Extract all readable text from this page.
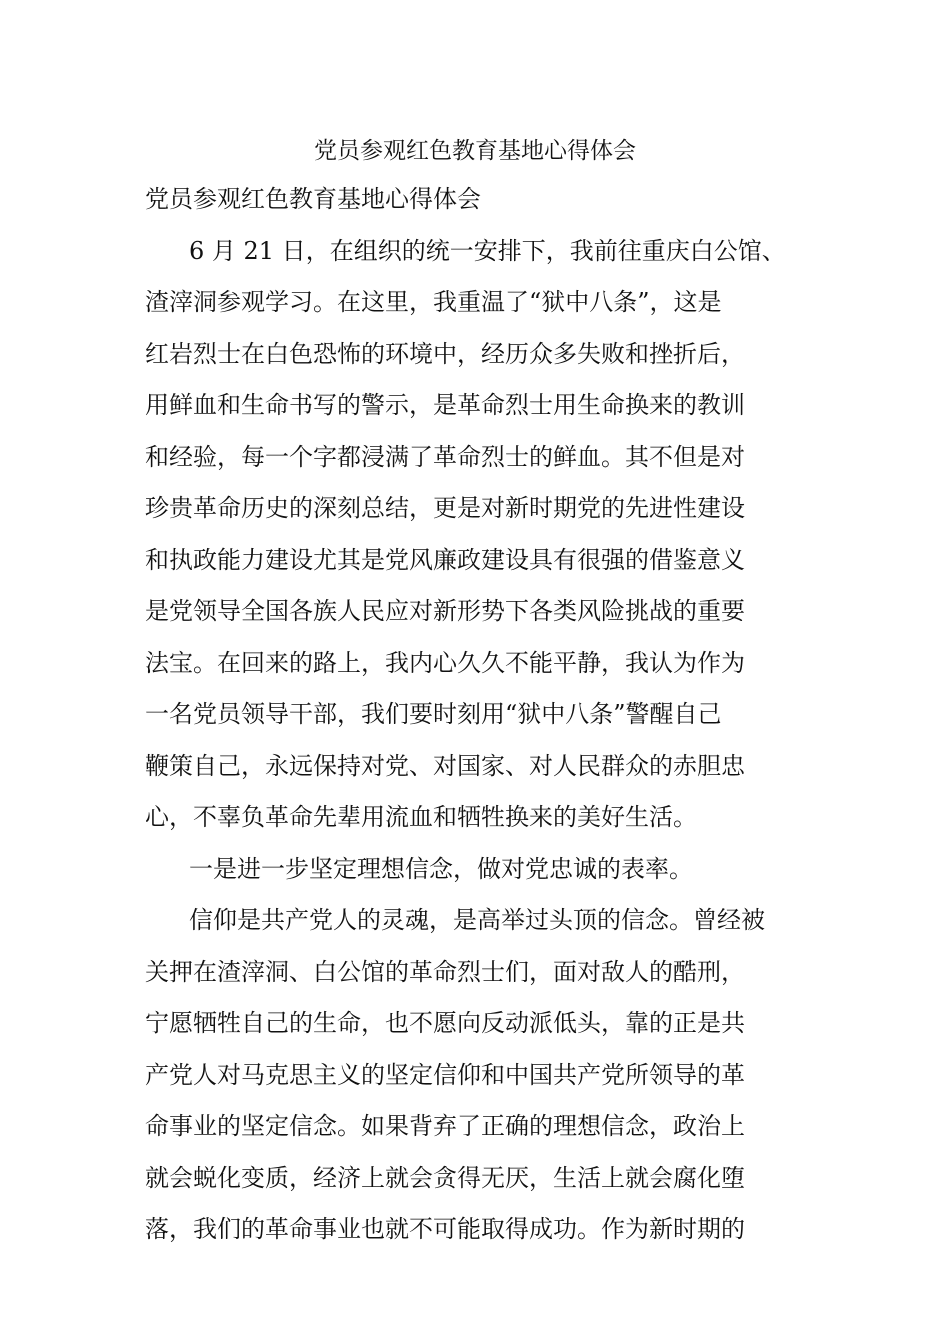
党员参观红色教育基地心得体会
党员参观红色教育基地心得体会
6 月 21 日，在组织的统一安排下，我前往重庆白公馆、
渣滓洞参观学习。在这里，我重温了“狱中八条”，这是
红岩烈士在白色恐怖的环境中，经历众多失败和挫折后，
用鲜血和生命书写的警示，是革命烈士用生命换来的教训
和经验，每一个字都浸满了革命烈士的鲜血。其不但是对
珍贵革命历史的深刻总结，更是对新时期党的先进性建设
和执政能力建设尤其是党风廉政建设具有很强的借鉴意义
是党领导全国各族人民应对新形势下各类风险挑战的重要
法宝。在回来的路上，我内心久久不能平静，我认为作为
一名党员领导干部，我们要时刻用“狱中八条”警醒自己
鞭策自己，永远保持对党、对国家、对人民群众的赤胆忠
心，不辜负革命先辈用流血和牺牲换来的美好生活。
一是进一步坚定理想信念，做对党忠诚的表率。
信仰是共产党人的灵魂，是高举过头顶的信念。曾经被
关押在渣滓洞、白公馆的革命烈士们，面对敌人的酷刑，
宁愿牺牲自己的生命，也不愿向反动派低头，靠的正是共
产党人对马克思主义的坚定信仰和中国共产党所领导的革
命事业的坚定信念。如果背弃了正确的理想信念，政治上
就会蜕化变质，经济上就会贪得无厌，生活上就会腐化堕
落，我们的革命事业也就不可能取得成功。作为新时期的
